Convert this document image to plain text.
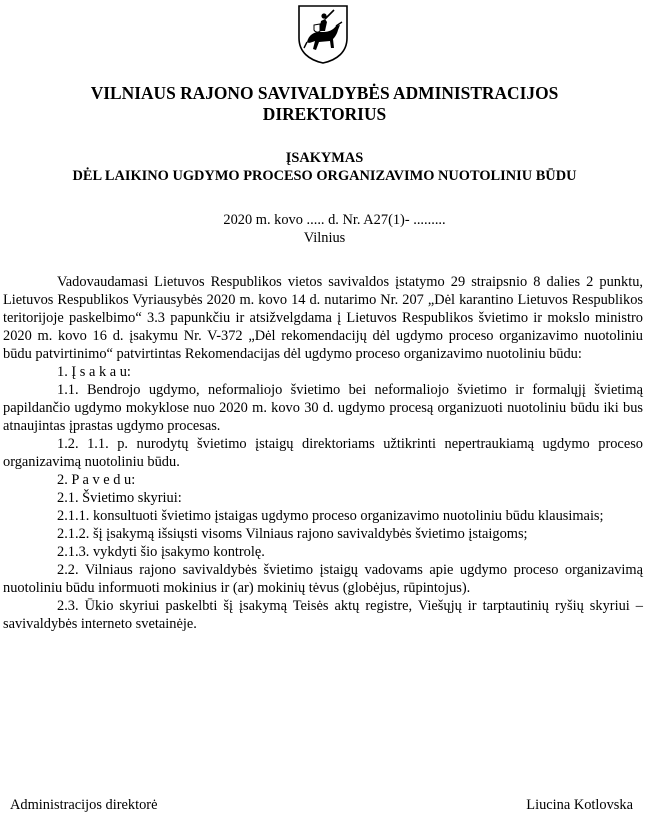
VILNIAUS RAJONO SAVIVALDYBĖS ADMINISTRACIJOS
DIREKTORIUS
ĮSAKYMAS
DĖL LAIKINO UGDYMO PROCESO ORGANIZAVIMO NUOTOLINIU BŪDU
2020 m. kovo ..... d. Nr. A27(1)- .........
Vilnius

Vadovaudamasi Lietuvos Respublikos vietos savivaldos įstatymo 29 straipsnio 8 dalies 2 punktu, Lietuvos Respublikos Vyriausybės 2020 m. kovo 14 d. nutarimo Nr. 207 „Dėl karantino Lietuvos Respublikos teritorijoje paskelbimo“ 3.3 papunkčiu ir atsižvelgdama į Lietuvos Respublikos švietimo ir mokslo ministro 2020 m. kovo 16 d. įsakymu Nr. V-372 „Dėl rekomendacijų dėl ugdymo proceso organizavimo nuotoliniu būdu patvirtinimo“ patvirtintas Rekomendacijas dėl ugdymo proceso organizavimo nuotoliniu būdu:

1. Į s a k a u:

1.1. Bendrojo ugdymo, neformaliojo švietimo bei neformaliojo švietimo ir formalųjį švietimą papildančio ugdymo mokyklose nuo 2020 m. kovo 30 d. ugdymo procesą organizuoti nuotoliniu būdu iki bus atnaujintas įprastas ugdymo procesas.

1.2. 1.1. p. nurodytų švietimo įstaigų direktoriams užtikrinti nepertraukiamą ugdymo proceso organizavimą nuotoliniu būdu.

2. P a v e d u:

2.1. Švietimo skyriui:

2.1.1. konsultuoti švietimo įstaigas ugdymo proceso organizavimo nuotoliniu būdu klausimais;

2.1.2. šį įsakymą išsiųsti visoms Vilniaus rajono savivaldybės švietimo įstaigoms;

2.1.3. vykdyti šio įsakymo kontrolę.

2.2. Vilniaus rajono savivaldybės švietimo įstaigų vadovams apie ugdymo proceso organizavimą nuotoliniu būdu informuoti mokinius ir (ar) mokinių tėvus (globėjus, rūpintojus).

2.3. Ūkio skyriui paskelbti šį įsakymą Teisės aktų registre, Viešųjų ir tarptautinių ryšių skyriui – savivaldybės interneto svetainėje.

Administracijos direktorė	Liucina Kotlovska
